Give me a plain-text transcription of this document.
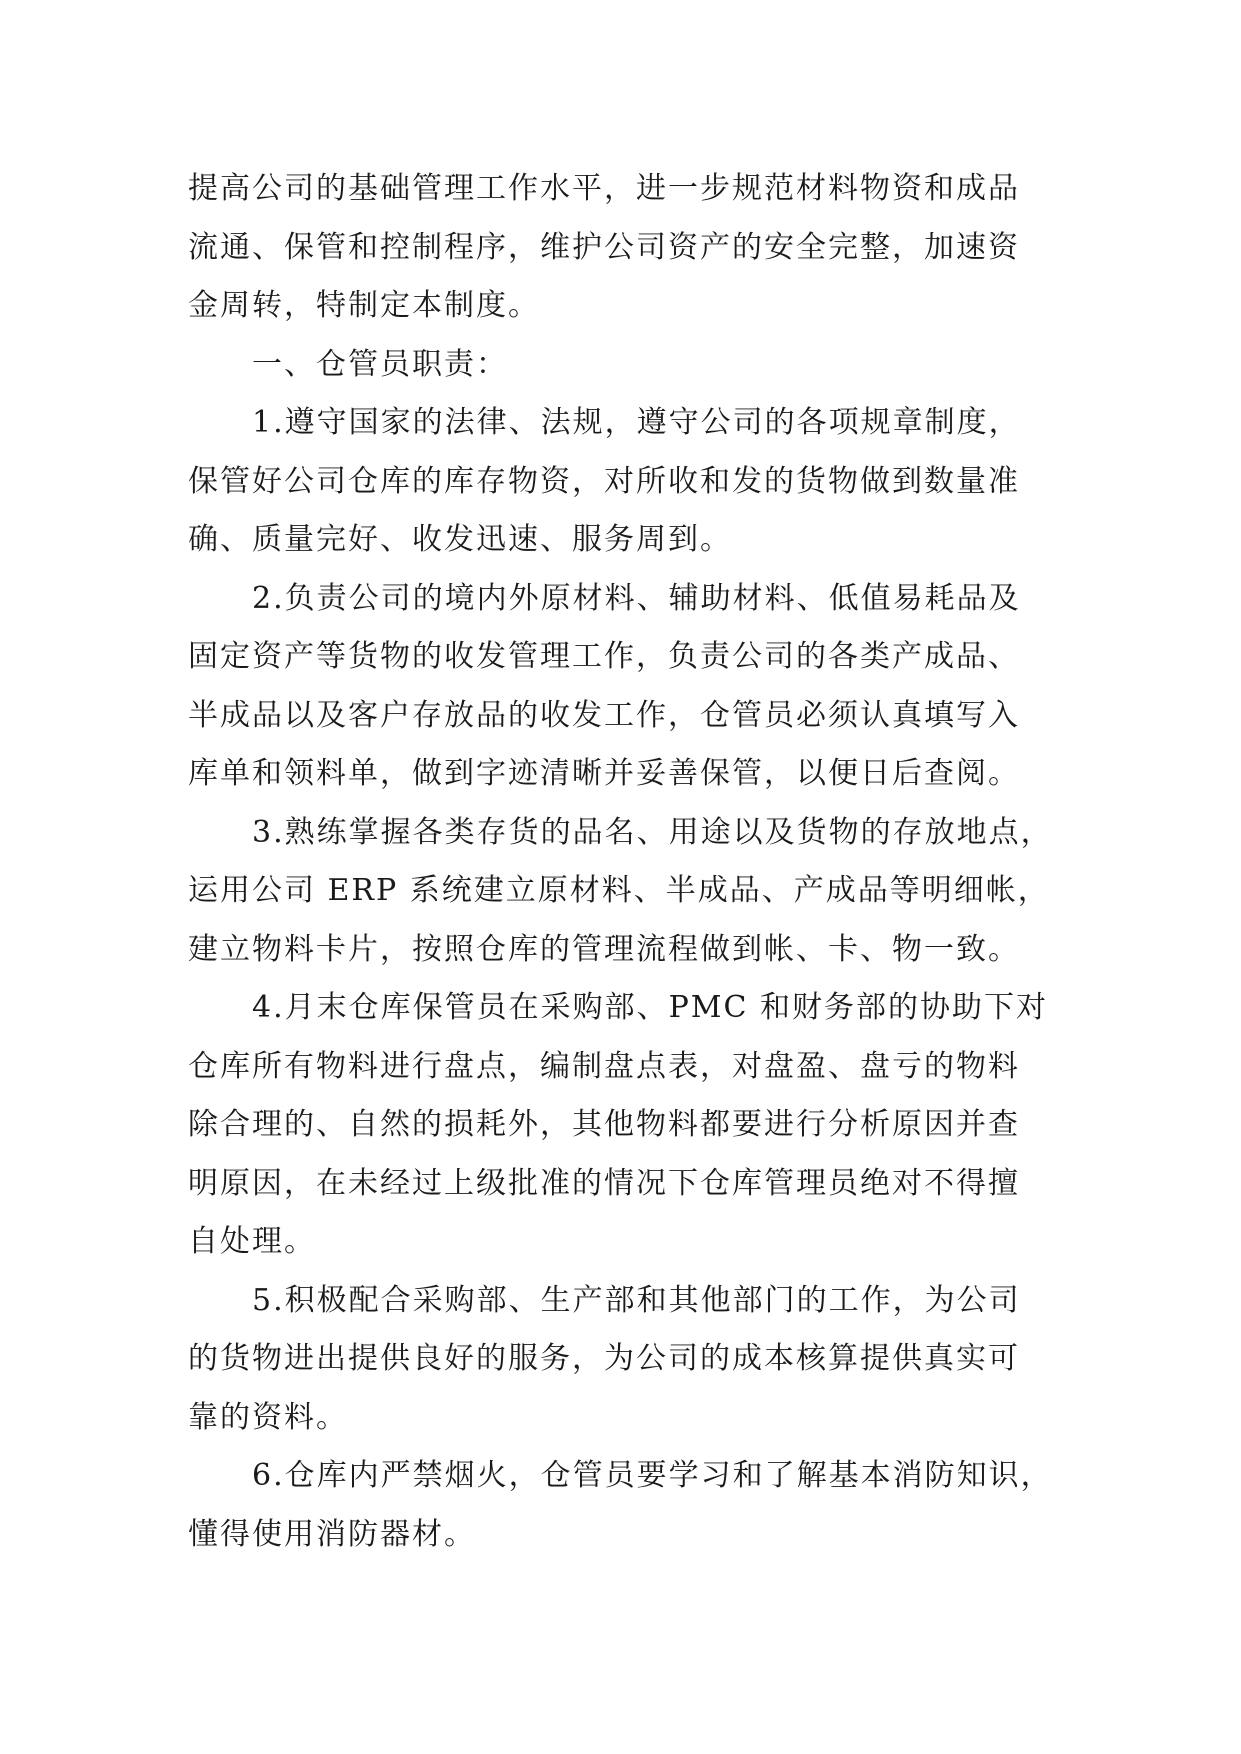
提高公司的基础管理工作水平，进一步规范材料物资和成品
流通、保管和控制程序，维护公司资产的安全完整，加速资
金周转，特制定本制度。
一、仓管员职责：
1.遵守国家的法律、法规，遵守公司的各项规章制度，
保管好公司仓库的库存物资，对所收和发的货物做到数量准
确、质量完好、收发迅速、服务周到。
2.负责公司的境内外原材料、辅助材料、低值易耗品及
固定资产等货物的收发管理工作，负责公司的各类产成品、
半成品以及客户存放品的收发工作，仓管员必须认真填写入
库单和领料单，做到字迹清晰并妥善保管，以便日后查阅。
3.熟练掌握各类存货的品名、用途以及货物的存放地点，
运用公司 ERP 系统建立原材料、半成品、产成品等明细帐，
建立物料卡片，按照仓库的管理流程做到帐、卡、物一致。
4.月末仓库保管员在采购部、PMC 和财务部的协助下对
仓库所有物料进行盘点，编制盘点表，对盘盈、盘亏的物料
除合理的、自然的损耗外，其他物料都要进行分析原因并查
明原因，在未经过上级批准的情况下仓库管理员绝对不得擅
自处理。
5.积极配合采购部、生产部和其他部门的工作，为公司
的货物进出提供良好的服务，为公司的成本核算提供真实可
靠的资料。
6.仓库内严禁烟火，仓管员要学习和了解基本消防知识，
懂得使用消防器材。
